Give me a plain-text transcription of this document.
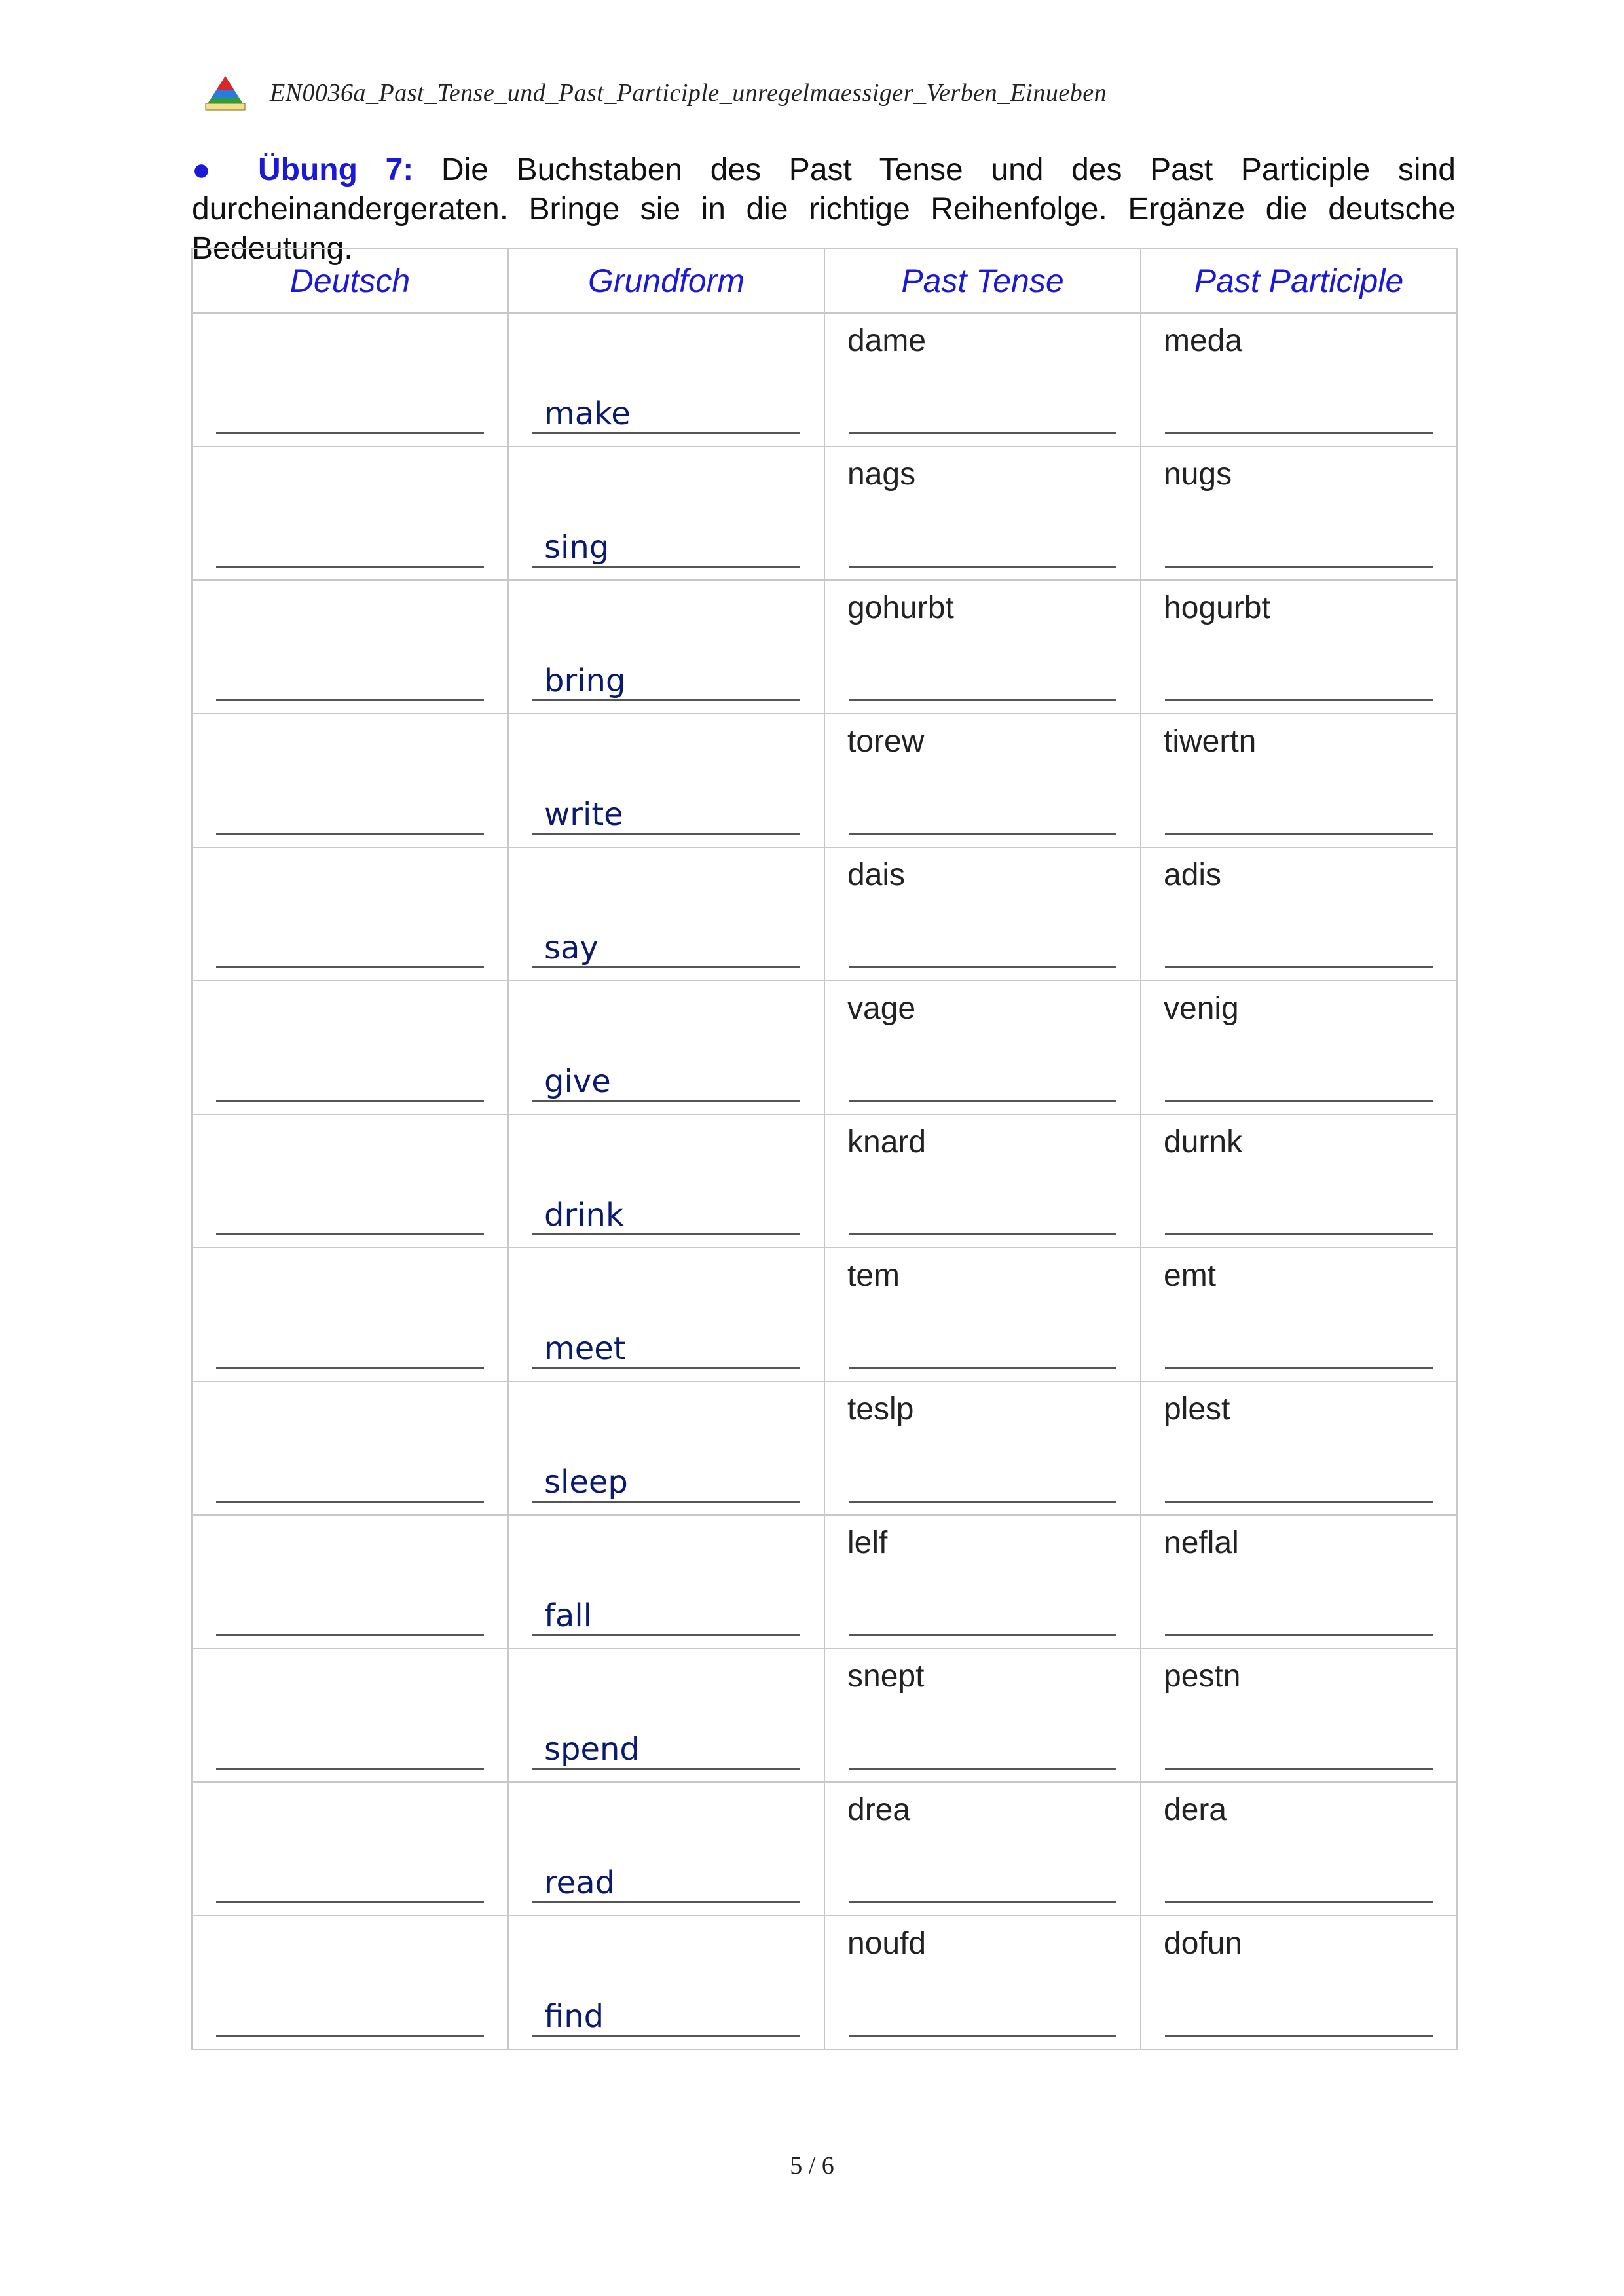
EN0036a_Past_Tense_und_Past_Participle_unregelmaessiger_Verben_Einueben
● Übung 7: Die Buchstaben des Past Tense und des Past Participle sind durcheinandergeraten. Bringe sie in die richtige Reihenfolge. Ergänze die deutsche Bedeutung.
Deutsch	Grundform	Past Tense	Past Participle

	make	dame	meda

	sing	nags	nugs

	bring	gohurbt	hogurbt

	write	torew	tiwertn

	say	dais	adis

	give	vage	venig

	drink	knard	durnk

	meet	tem	emt

	sleep	teslp	plest

	fall	lelf	neflal

	spend	snept	pestn

	read	drea	dera

	find	noufd	dofun
5 / 6
